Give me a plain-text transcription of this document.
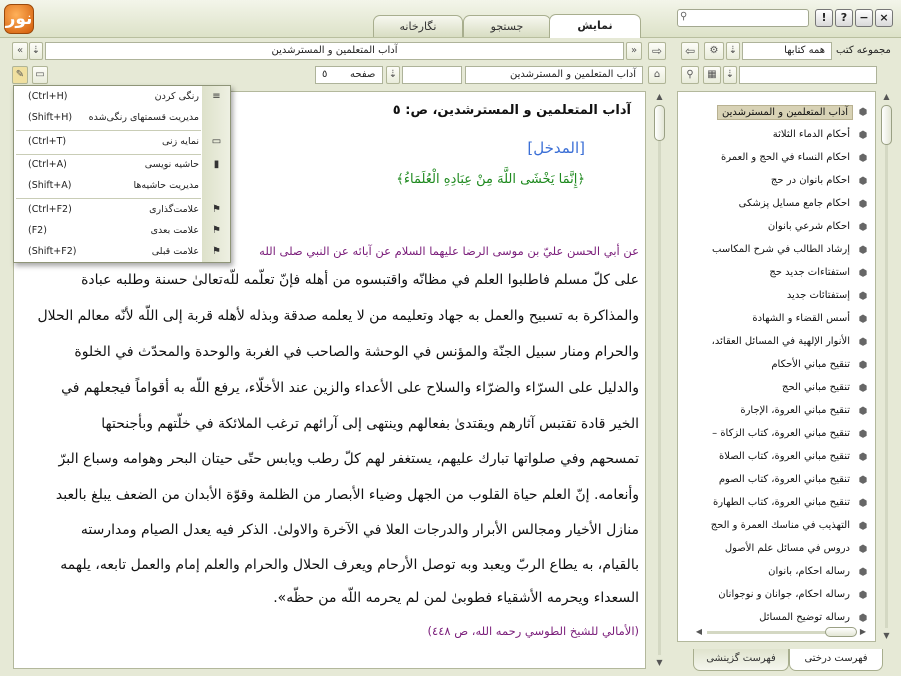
نور	نگارخانه	جستجو	نمایش
⚲	!	?	− ×
« ⇣	آداب المتعلمين و المسترشدين	»	⇨	⇦	⚙	⇣	همه کتابها	مجموعه کتب
✎	▭	٥	صفحه ⇣	آداب المتعلمين و المسترشدين	⌂	⚲	▦ ⇣
آداب المتعلمين و المسترشدين، ص: ٥
[المدخل]
﴿إِنَّمَا يَخْشَى اللَّهَ مِنْ عِبَادِهِ الْعُلَمَاءُ﴾
عن أبي الحسن عليّ بن موسى الرضا عليهما السلام عن آبائه عن النبي صلى الله
على كلّ مسلم فاطلبوا العلم في مظانّه واقتبسوه من أهله فإنّ تعلّمه للّه‌تعالىٰ حسنة وطلبه عبادة
والمذاكرة به تسبيح والعمل به جهاد وتعليمه من لا يعلمه صدقة وبذله لأهله قربة إلى اللّه لأنّه معالم الحلال
والحرام ومنار سبيل الجنّة والمؤنس في الوحشة والصاحب في الغربة والوحدة والمحدّث في الخلوة
والدليل على السرّاء والضرّاء والسلاح على الأعداء والزين عند الأخلّاء، يرفع اللّه به أقواماً فيجعلهم في
الخير قادة تقتبس آثارهم ويقتدىٰ بفعالهم وينتهى إلى آرائهم ترغب الملائكة في خلّتهم وبأجنحتها
تمسحهم وفي صلواتها تبارك عليهم، يستغفر لهم كلّ رطب ويابس حتّى حيتان البحر وهوامه وسباع البرّ
وأنعامه. إنّ العلم حياة القلوب من الجهل وضياء الأبصار من الظلمة وقوّة الأبدان من الضعف يبلغ بالعبد
منازل الأخيار ومجالس الأبرار والدرجات العلا في الآخرة والاولىٰ. الذكر فيه يعدل الصيام ومدارسته
بالقيام، به يطاع الربّ ويعبد وبه توصل الأرحام ويعرف الحلال والحرام والعلم إمام والعمل تابعه، يلهمه
السعداء ويحرمه الأشقياء فطوبىٰ لمن لم يحرمه اللّه من حظّه».
(الأمالي للشيخ الطوسي رحمه الله، ص ٤٤٨)
▲
▼
(Ctrl+H)	رنگی کردن	≡
(Shift+H) مدیریت قسمتهای رنگی‌شده
(Ctrl+T)	نمایه زنی ▭
(Ctrl+A)	حاشیه نویسی	▮
(Shift+A)	مدیریت حاشیه‌ها
(Ctrl+F2)	علامت‌گذاری	⚑
(F2)	علامت بعدی	⚑
(Shift+F2)	علامت قبلی	⚑
⬢
آداب المتعلمين و المسترشدين
⬢
أحكام الدماء الثلاثة
⬢
احكام النساء في الحج و العمرة
⬢
احكام بانوان در حج
⬢
احكام جامع مسايل پزشكى
⬢
احكام شرعي بانوان
⬢
إرشاد الطالب في شرح المكاسب
⬢
استفتاءات جديد حج
⬢
إستفتائات جديد
⬢
أسس القضاء و الشهادة
⬢
الأنوار الإلهية في المسائل العقائد،
⬢
تنقيح مباني الأحكام
⬢
تنقيح مباني الحج
⬢
تنقيح مباني العروة، الإجارة
⬢
تنقيح مباني العروة، كتاب الزكاة –
⬢
تنقيح مباني العروة، كتاب الصلاة
⬢
تنقيح مباني العروة، كتاب الصوم
⬢
تنقيح مباني العروة، كتاب الطهارة
⬢
التهذيب في مناسك العمرة و الحج
⬢
دروس في مسائل علم الأصول
⬢
رساله احكام، بانوان
⬢
رساله احكام، جوانان و نوجوانان
⬢
رساله توضيح المسائل
▲
▼
◀	▶
فهرست گزینشی	فهرست درختی
